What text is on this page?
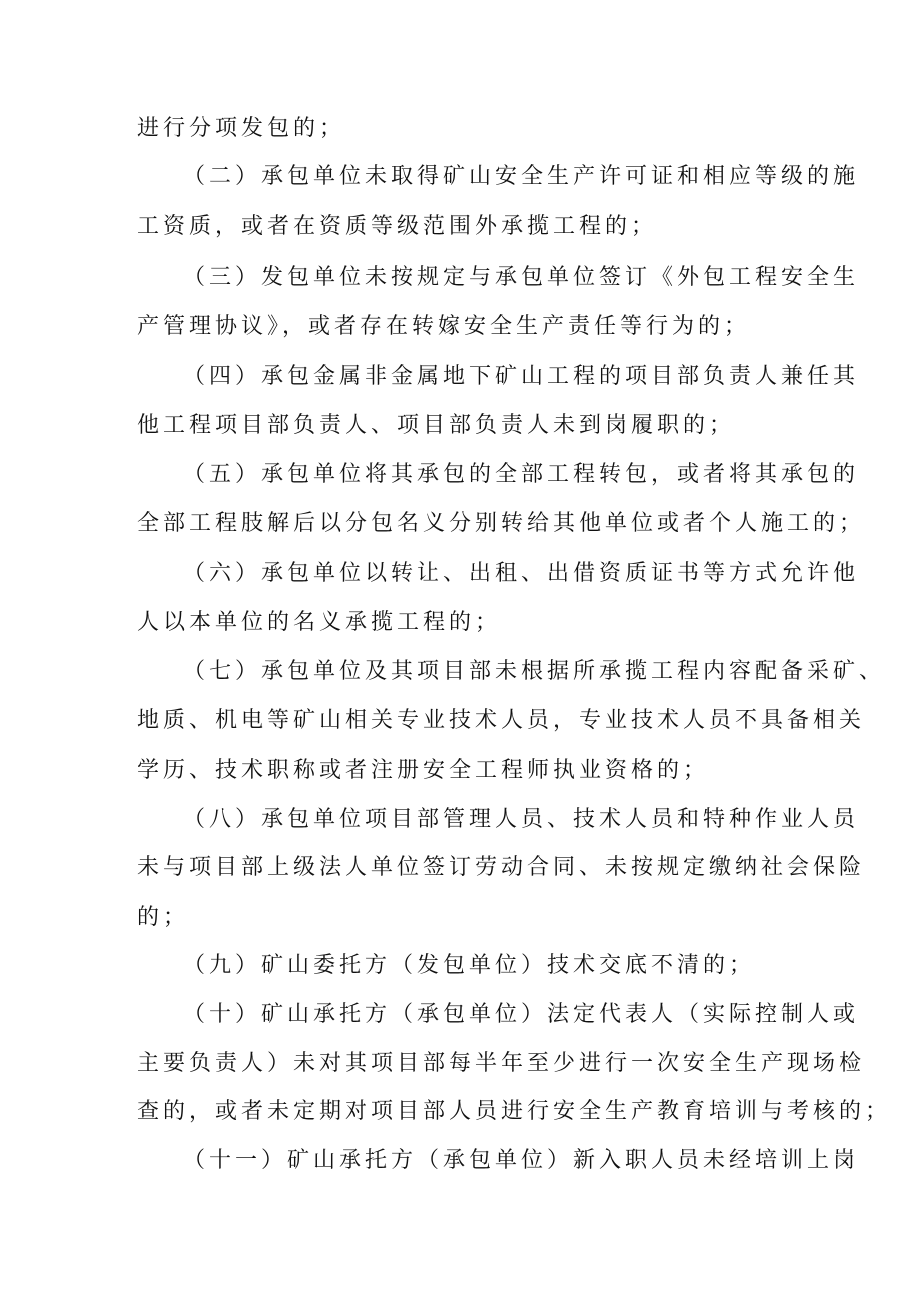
进行分项发包的；
（二）承包单位未取得矿山安全生产许可证和相应等级的施
工资质，或者在资质等级范围外承揽工程的；
（三）发包单位未按规定与承包单位签订《外包工程安全生
产管理协议》，或者存在转嫁安全生产责任等行为的；
（四）承包金属非金属地下矿山工程的项目部负责人兼任其
他工程项目部负责人、项目部负责人未到岗履职的；
（五）承包单位将其承包的全部工程转包，或者将其承包的
全部工程肢解后以分包名义分别转给其他单位或者个人施工的；
（六）承包单位以转让、出租、出借资质证书等方式允许他
人以本单位的名义承揽工程的；
（七）承包单位及其项目部未根据所承揽工程内容配备采矿、
地质、机电等矿山相关专业技术人员，专业技术人员不具备相关
学历、技术职称或者注册安全工程师执业资格的；
（八）承包单位项目部管理人员、技术人员和特种作业人员
未与项目部上级法人单位签订劳动合同、未按规定缴纳社会保险
的；
（九）矿山委托方（发包单位）技术交底不清的；
（十）矿山承托方（承包单位）法定代表人（实际控制人或
主要负责人）未对其项目部每半年至少进行一次安全生产现场检
查的，或者未定期对项目部人员进行安全生产教育培训与考核的；
（十一）矿山承托方（承包单位）新入职人员未经培训上岗
